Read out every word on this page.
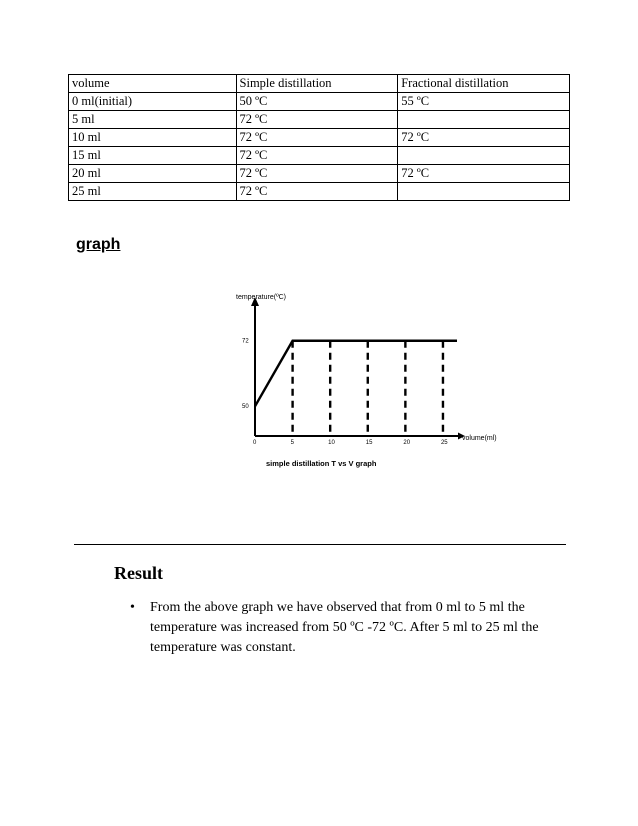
volume	Simple distillation	Fractional distillation
0 ml(initial)	50 ºC	55 ºC
5 ml	72 ºC	
10 ml	72 ºC	72 ºC
15 ml	72 ºC	
20 ml	72 ºC	72 ºC
25 ml	72 ºC	
graph
0	5	10	15	20	25
50
72
temperature(ºC)
volume(ml)
simple distillation T vs V graph
Result
• From the above graph we have observed that from 0 ml to 5 ml the temperature was increased from 50 ºC -72 ºC. After 5 ml to 25 ml the temperature was constant.
